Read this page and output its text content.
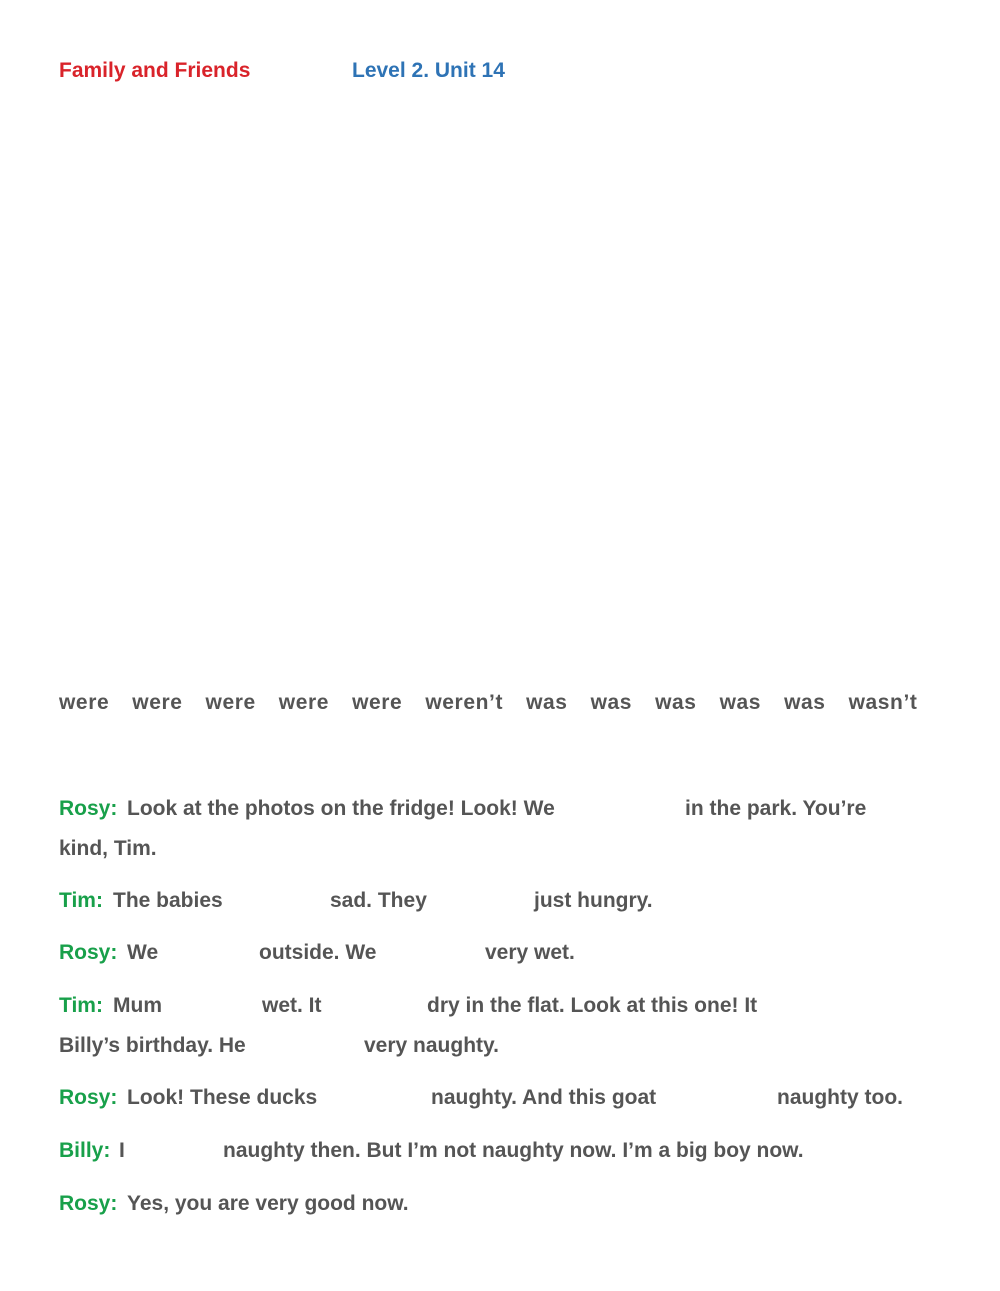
Family and Friends	Level 2. Unit 14
were were were were were weren’t was was was was was wasn’t
Rosy: Look at the photos on the fridge! Look! We	in the park. You’re
kind, Tim.
Tim: The babies	sad. They	just hungry.
Rosy: We	outside. We	very wet.
Tim: Mum	wet. It	dry in the flat. Look at this one! It
Billy’s birthday. He	very naughty.
Rosy: Look! These ducks	naughty. And this goat	naughty too.
Billy: I	naughty then. But I’m not naughty now. I’m a big boy now.
Rosy: Yes, you are very good now.
